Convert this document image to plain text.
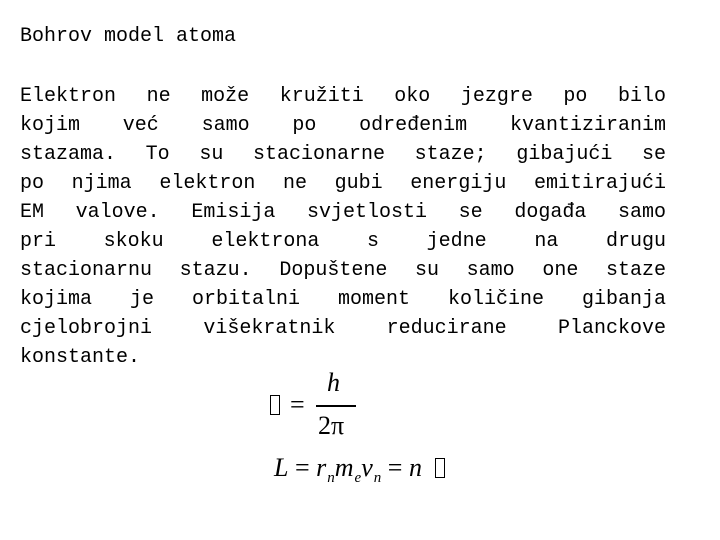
Bohrov model atoma
Elektron ne može kružiti oko jezgre po bilo
kojim već samo po određenim kvantiziranim
stazama. To su stacionarne staze; gibajući se
po njima elektron ne gubi energiju emitirajući
EM valove. Emisija svjetlosti se događa samo
pri skoku elektrona s jedne na drugu
stacionarnu stazu. Dopuštene su samo one staze
kojima je orbitalni moment količine gibanja
cjelobrojni višekratnik reducirane Planckove
konstante.
=
h
2π
$L = r_nm_ev_n = n$
